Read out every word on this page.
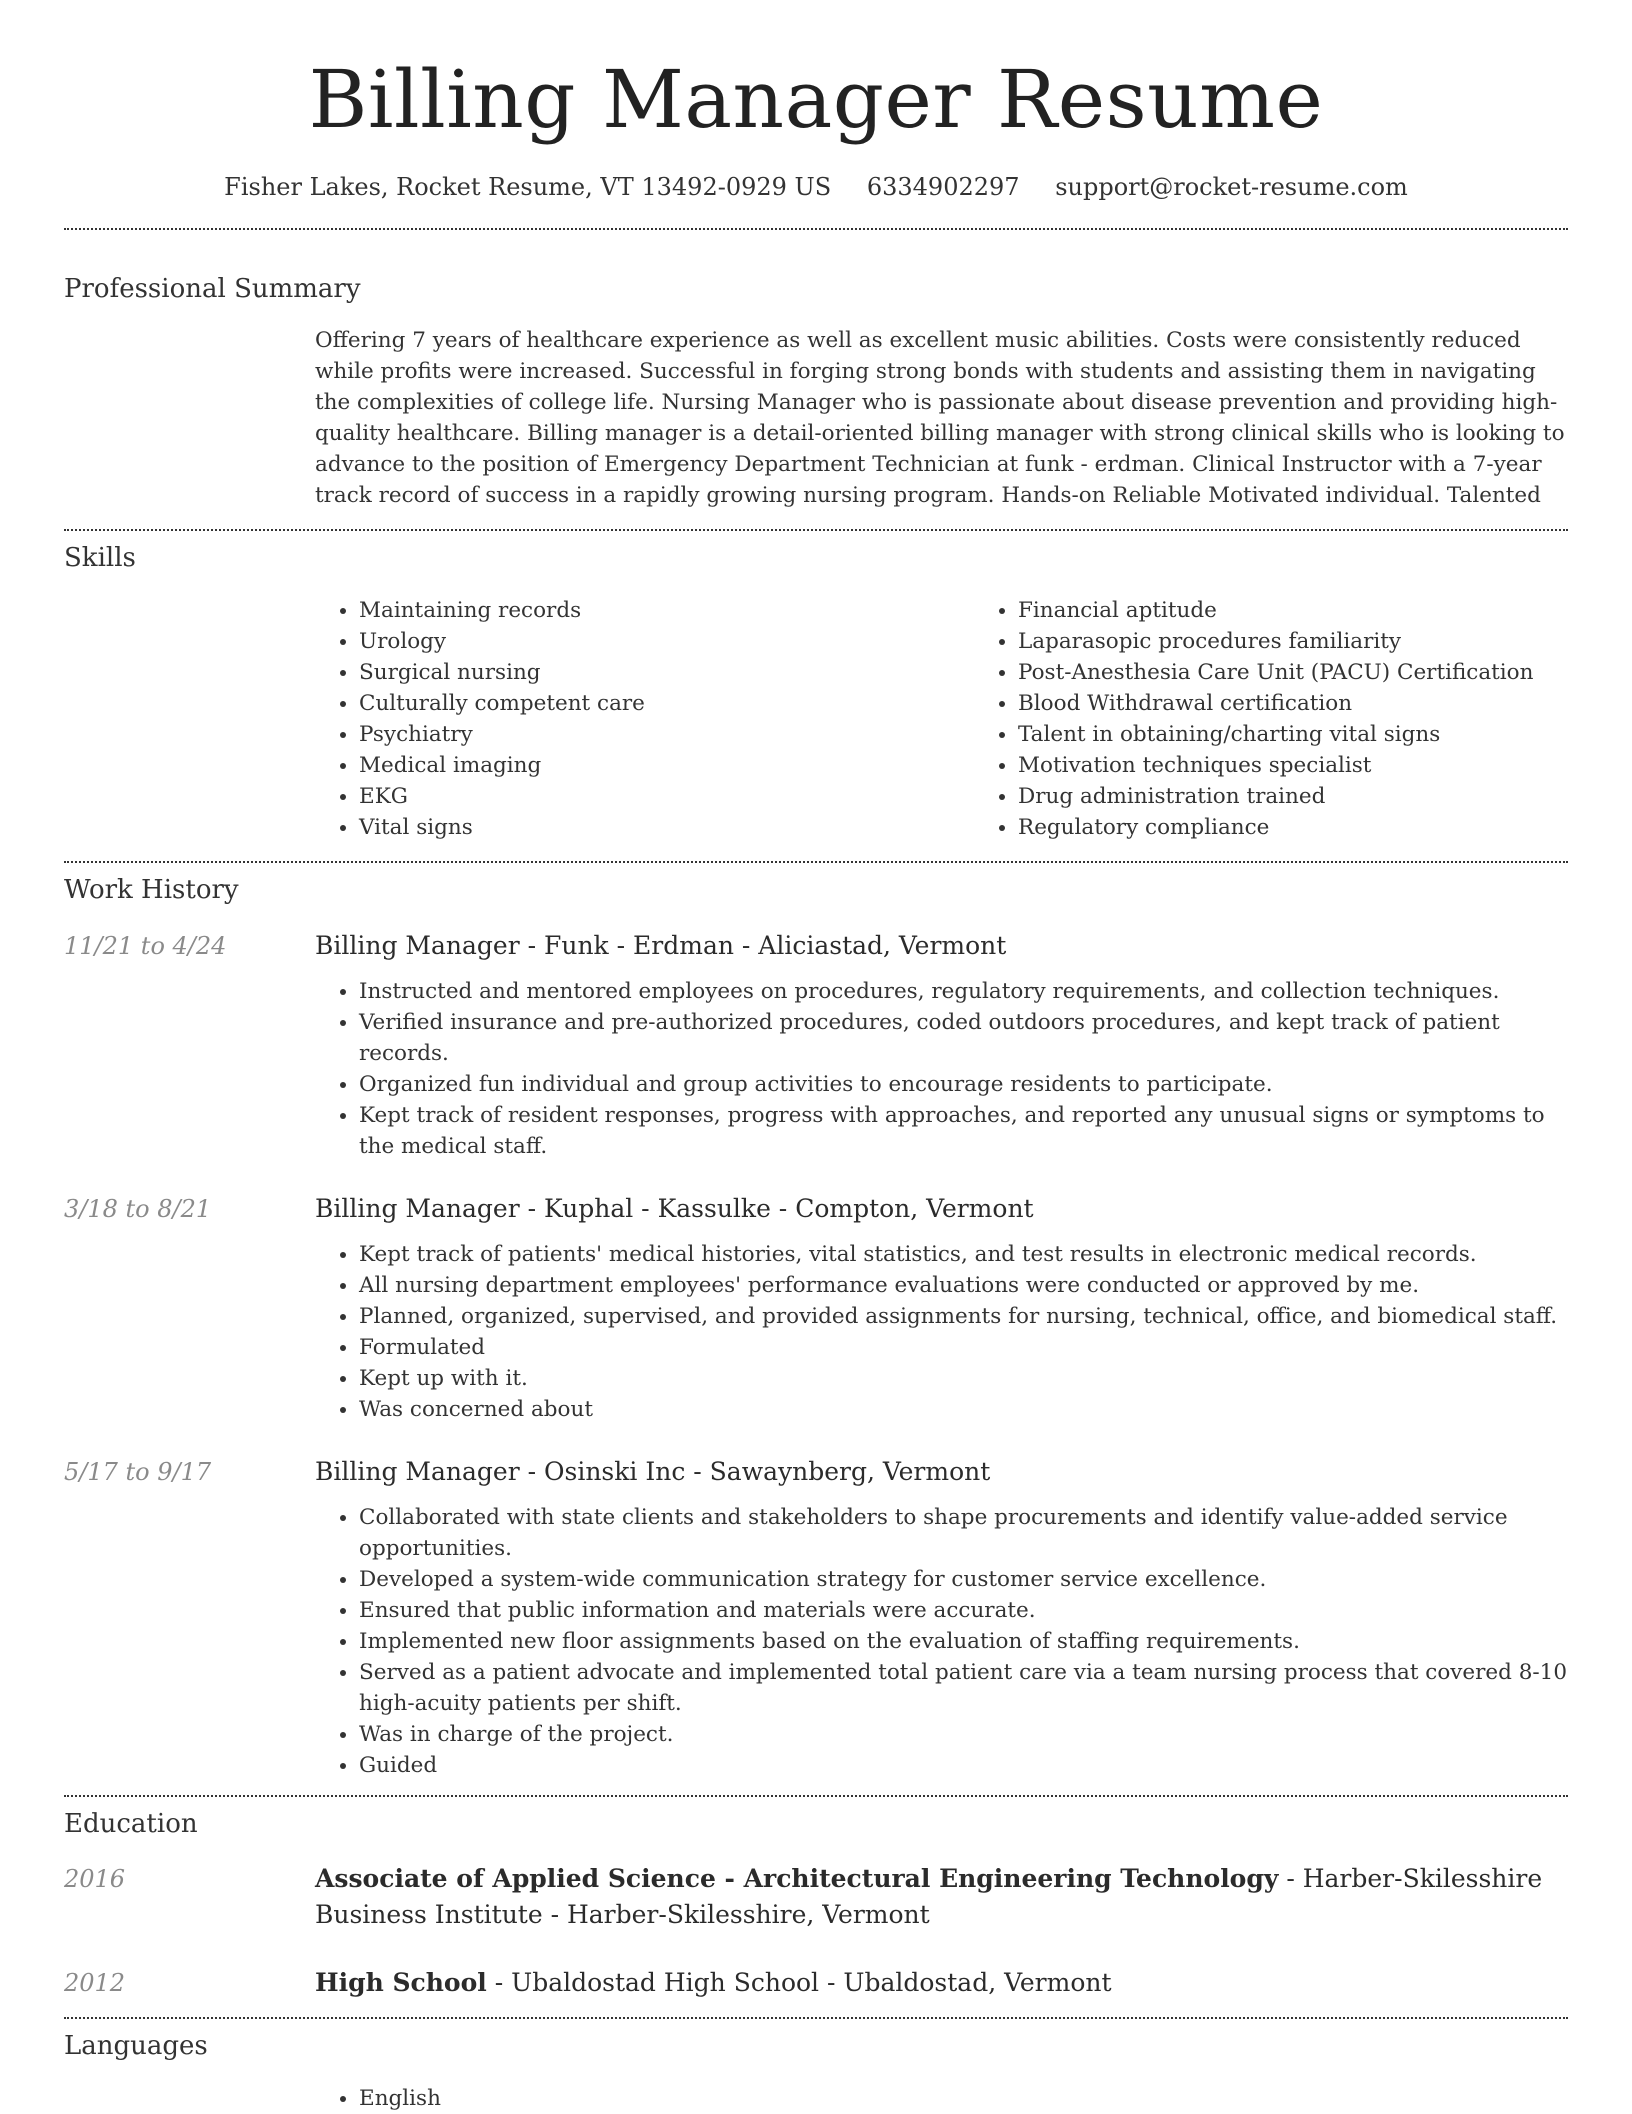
Billing Manager Resume
Fisher Lakes, Rocket Resume, VT 13492-0929 US 6334902297 support@rocket-resume.com
Professional Summary
Offering 7 years of healthcare experience as well as excellent music abilities. Costs were consistently reduced while profits were increased. Successful in forging strong bonds with students and assisting them in navigating the complexities of college life. Nursing Manager who is passionate about disease prevention and providing high-quality healthcare. Billing manager is a detail-oriented billing manager with strong clinical skills who is looking to advance to the position of Emergency Department Technician at funk - erdman. Clinical Instructor with a 7-year track record of success in a rapidly growing nursing program. Hands-on Reliable Motivated individual. Talented
Skills
• Maintaining records
• Urology
• Surgical nursing
• Culturally competent care
• Psychiatry
• Medical imaging
• EKG
• Vital signs
• Financial aptitude
• Laparasopic procedures familiarity
• Post-Anesthesia Care Unit (PACU) Certification
• Blood Withdrawal certification
• Talent in obtaining/charting vital signs
• Motivation techniques specialist
• Drug administration trained
• Regulatory compliance
Work History
11/21 to 4/24	Billing Manager - Funk - Erdman - Aliciastad, Vermont
• Instructed and mentored employees on procedures, regulatory requirements, and collection techniques.
• Verified insurance and pre-authorized procedures, coded outdoors procedures, and kept track of patient records.
• Organized fun individual and group activities to encourage residents to participate.
• Kept track of resident responses, progress with approaches, and reported any unusual signs or symptoms to the medical staff.
3/18 to 8/21	Billing Manager - Kuphal - Kassulke - Compton, Vermont
• Kept track of patients' medical histories, vital statistics, and test results in electronic medical records.
• All nursing department employees' performance evaluations were conducted or approved by me.
• Planned, organized, supervised, and provided assignments for nursing, technical, office, and biomedical staff.
• Formulated
• Kept up with it.
• Was concerned about
5/17 to 9/17	Billing Manager - Osinski Inc - Sawaynberg, Vermont
• Collaborated with state clients and stakeholders to shape procurements and identify value-added service opportunities.
• Developed a system-wide communication strategy for customer service excellence.
• Ensured that public information and materials were accurate.
• Implemented new floor assignments based on the evaluation of staffing requirements.
• Served as a patient advocate and implemented total patient care via a team nursing process that covered 8-10 high-acuity patients per shift.
• Was in charge of the project.
• Guided
Education
2016	Associate of Applied Science - Architectural Engineering Technology - Harber-Skilesshire Business Institute - Harber-Skilesshire, Vermont
2012	High School - Ubaldostad High School - Ubaldostad, Vermont
Languages
• English
